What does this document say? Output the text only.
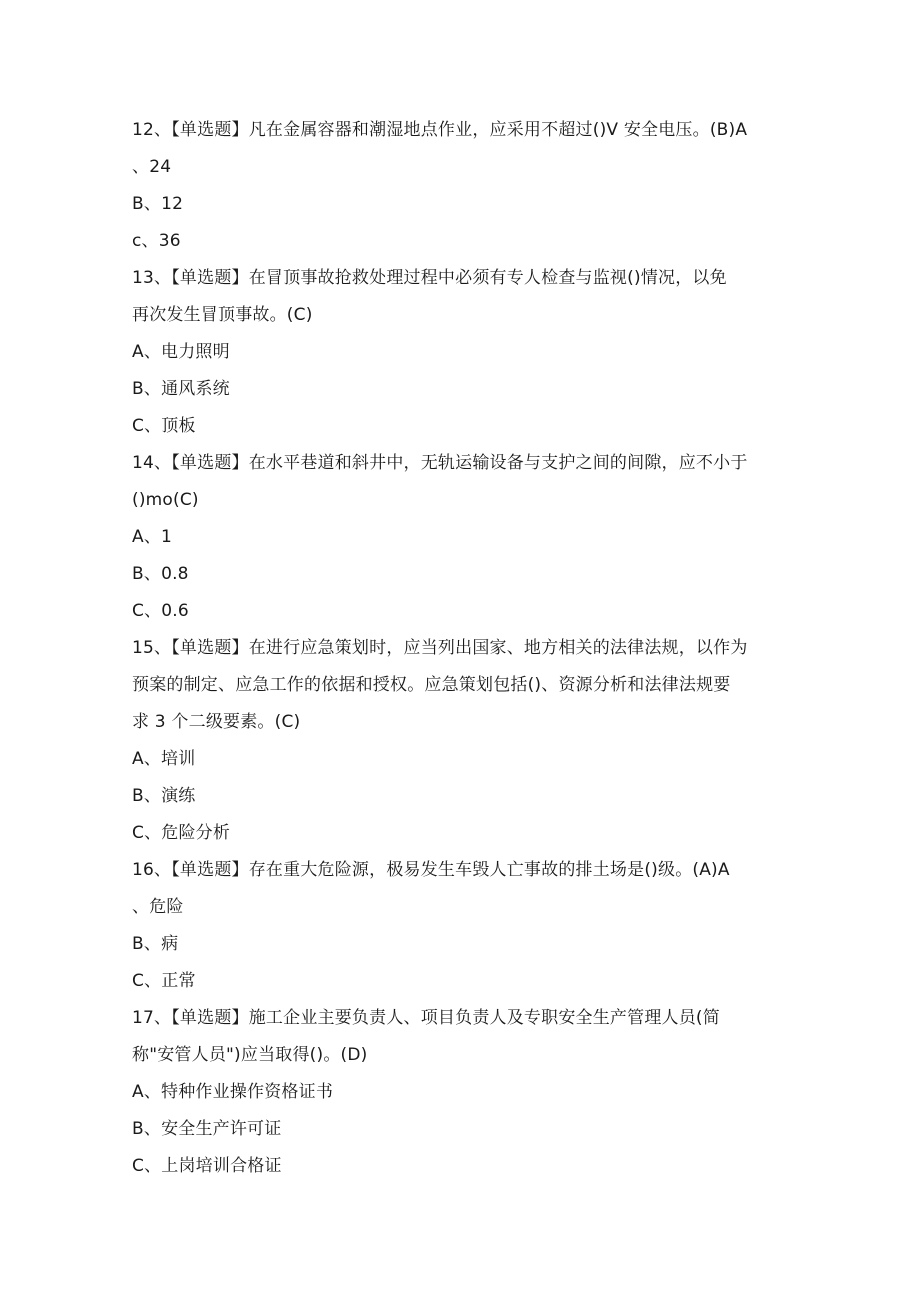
12、【单选题】凡在金属容器和潮湿地点作业，应采用不超过()V 安全电压。(B)A
、24
B、12
c、36
13、【单选题】在冒顶事故抢救处理过程中必须有专人检查与监视()情况，以免
再次发生冒顶事故。(C)
A、电力照明
B、通风系统
C、顶板
14、【单选题】在水平巷道和斜井中，无轨运输设备与支护之间的间隙，应不小于
()mo(C)
A、1
B、0.8
C、0.6
15、【单选题】在进行应急策划时，应当列出国家、地方相关的法律法规，以作为
预案的制定、应急工作的依据和授权。应急策划包括()、资源分析和法律法规要
求 3 个二级要素。(C)
A、培训
B、演练
C、危险分析
16、【单选题】存在重大危险源，极易发生车毁人亡事故的排土场是()级。(A)A
、危险
B、病
C、正常
17、【单选题】施工企业主要负责人、项目负责人及专职安全生产管理人员(简
称"安管人员")应当取得()。(D)
A、特种作业操作资格证书
B、安全生产许可证
C、上岗培训合格证
